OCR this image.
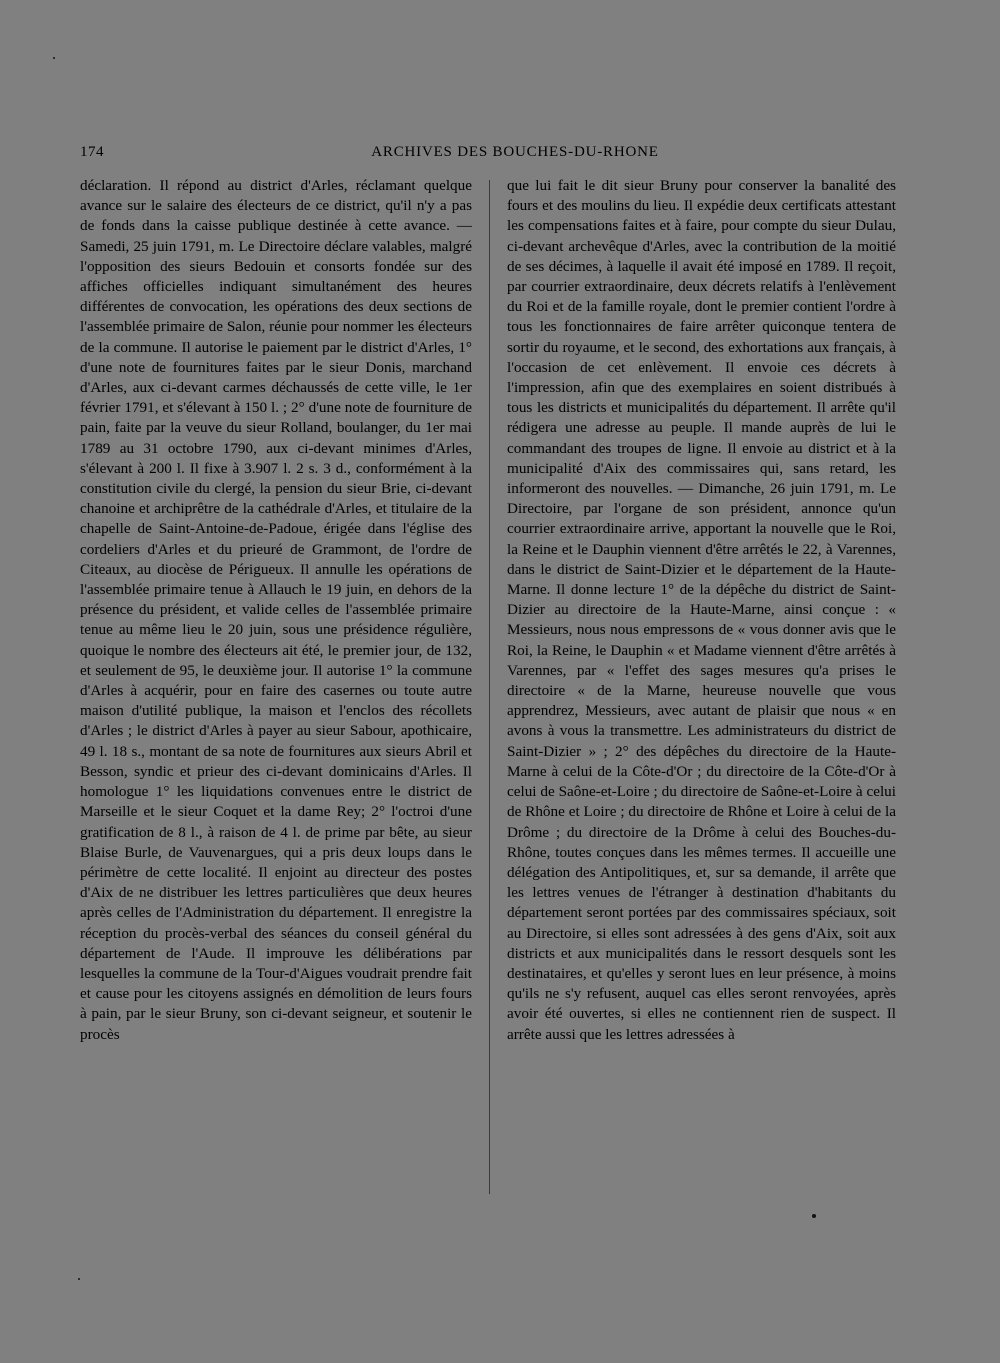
174	ARCHIVES DES BOUCHES-DU-RHONE

déclaration. Il répond au district d'Arles, réclamant quelque avance sur le salaire des électeurs de ce district, qu'il n'y a pas de fonds dans la caisse publique destinée à cette avance. — Samedi, 25 juin 1791, m. Le Directoire déclare valables, malgré l'opposition des sieurs Bedouin et consorts fondée sur des affiches officielles indiquant simultanément des heures différentes de convocation, les opérations des deux sections de l'assemblée primaire de Salon, réunie pour nommer les électeurs de la commune. Il autorise le paiement par le district d'Arles, 1° d'une note de fournitures faites par le sieur Donis, marchand d'Arles, aux ci-devant carmes déchaussés de cette ville, le 1er février 1791, et s'élevant à 150 l. ; 2° d'une note de fourniture de pain, faite par la veuve du sieur Rolland, boulanger, du 1er mai 1789 au 31 octobre 1790, aux ci-devant minimes d'Arles, s'élevant à 200 l. Il fixe à 3.907 l. 2 s. 3 d., conformément à la constitution civile du clergé, la pension du sieur Brie, ci-devant chanoine et archiprêtre de la cathédrale d'Arles, et titulaire de la chapelle de Saint-Antoine-de-Padoue, érigée dans l'église des cordeliers d'Arles et du prieuré de Grammont, de l'ordre de Citeaux, au diocèse de Périgueux. Il annulle les opérations de l'assemblée primaire tenue à Allauch le 19 juin, en dehors de la présence du président, et valide celles de l'assemblée primaire tenue au même lieu le 20 juin, sous une présidence régulière, quoique le nombre des électeurs ait été, le premier jour, de 132, et seulement de 95, le deuxième jour. Il autorise 1° la commune d'Arles à acquérir, pour en faire des casernes ou toute autre maison d'utilité publique, la maison et l'enclos des récollets d'Arles ; le district d'Arles à payer au sieur Sabour, apothicaire, 49 l. 18 s., montant de sa note de fournitures aux sieurs Abril et Besson, syndic et prieur des ci-devant dominicains d'Arles. Il homologue 1° les liquidations convenues entre le district de Marseille et le sieur Coquet et la dame Rey; 2° l'octroi d'une gratification de 8 l., à raison de 4 l. de prime par bête, au sieur Blaise Burle, de Vauvenargues, qui a pris deux loups dans le périmètre de cette localité. Il enjoint au directeur des postes d'Aix de ne distribuer les lettres particulières que deux heures après celles de l'Administration du département. Il enregistre la réception du procès-verbal des séances du conseil général du département de l'Aude. Il improuve les délibérations par lesquelles la commune de la Tour-d'Aigues voudrait prendre fait et cause pour les citoyens assignés en démolition de leurs fours à pain, par le sieur Bruny, son ci-devant seigneur, et soutenir le procès

que lui fait le dit sieur Bruny pour conserver la banalité des fours et des moulins du lieu. Il expédie deux certificats attestant les compensations faites et à faire, pour compte du sieur Dulau, ci-devant archevêque d'Arles, avec la contribution de la moitié de ses décimes, à laquelle il avait été imposé en 1789. Il reçoit, par courrier extraordinaire, deux décrets relatifs à l'enlèvement du Roi et de la famille royale, dont le premier contient l'ordre à tous les fonctionnaires de faire arrêter quiconque tentera de sortir du royaume, et le second, des exhortations aux français, à l'occasion de cet enlèvement. Il envoie ces décrets à l'impression, afin que des exemplaires en soient distribués à tous les districts et municipalités du département. Il arrête qu'il rédigera une adresse au peuple. Il mande auprès de lui le commandant des troupes de ligne. Il envoie au district et à la municipalité d'Aix des commissaires qui, sans retard, les informeront des nouvelles. — Dimanche, 26 juin 1791, m. Le Directoire, par l'organe de son président, annonce qu'un courrier extraordinaire arrive, apportant la nouvelle que le Roi, la Reine et le Dauphin viennent d'être arrêtés le 22, à Varennes, dans le district de Saint-Dizier et le département de la Haute-Marne. Il donne lecture 1° de la dépêche du district de Saint-Dizier au directoire de la Haute-Marne, ainsi conçue : « Messieurs, nous nous empressons de « vous donner avis que le Roi, la Reine, le Dauphin « et Madame viennent d'être arrêtés à Varennes, par « l'effet des sages mesures qu'a prises le directoire « de la Marne, heureuse nouvelle que vous apprendrez, Messieurs, avec autant de plaisir que nous « en avons à vous la transmettre. Les administrateurs du district de Saint-Dizier » ; 2° des dépêches du directoire de la Haute-Marne à celui de la Côte-d'Or ; du directoire de la Côte-d'Or à celui de Saône-et-Loire ; du directoire de Saône-et-Loire à celui de Rhône et Loire ; du directoire de Rhône et Loire à celui de la Drôme ; du directoire de la Drôme à celui des Bouches-du-Rhône, toutes conçues dans les mêmes termes. Il accueille une délégation des Antipolitiques, et, sur sa demande, il arrête que les lettres venues de l'étranger à destination d'habitants du département seront portées par des commissaires spéciaux, soit au Directoire, si elles sont adressées à des gens d'Aix, soit aux districts et aux municipalités dans le ressort desquels sont les destinataires, et qu'elles y seront lues en leur présence, à moins qu'ils ne s'y refusent, auquel cas elles seront renvoyées, après avoir été ouvertes, si elles ne contiennent rien de suspect. Il arrête aussi que les lettres adressées à
